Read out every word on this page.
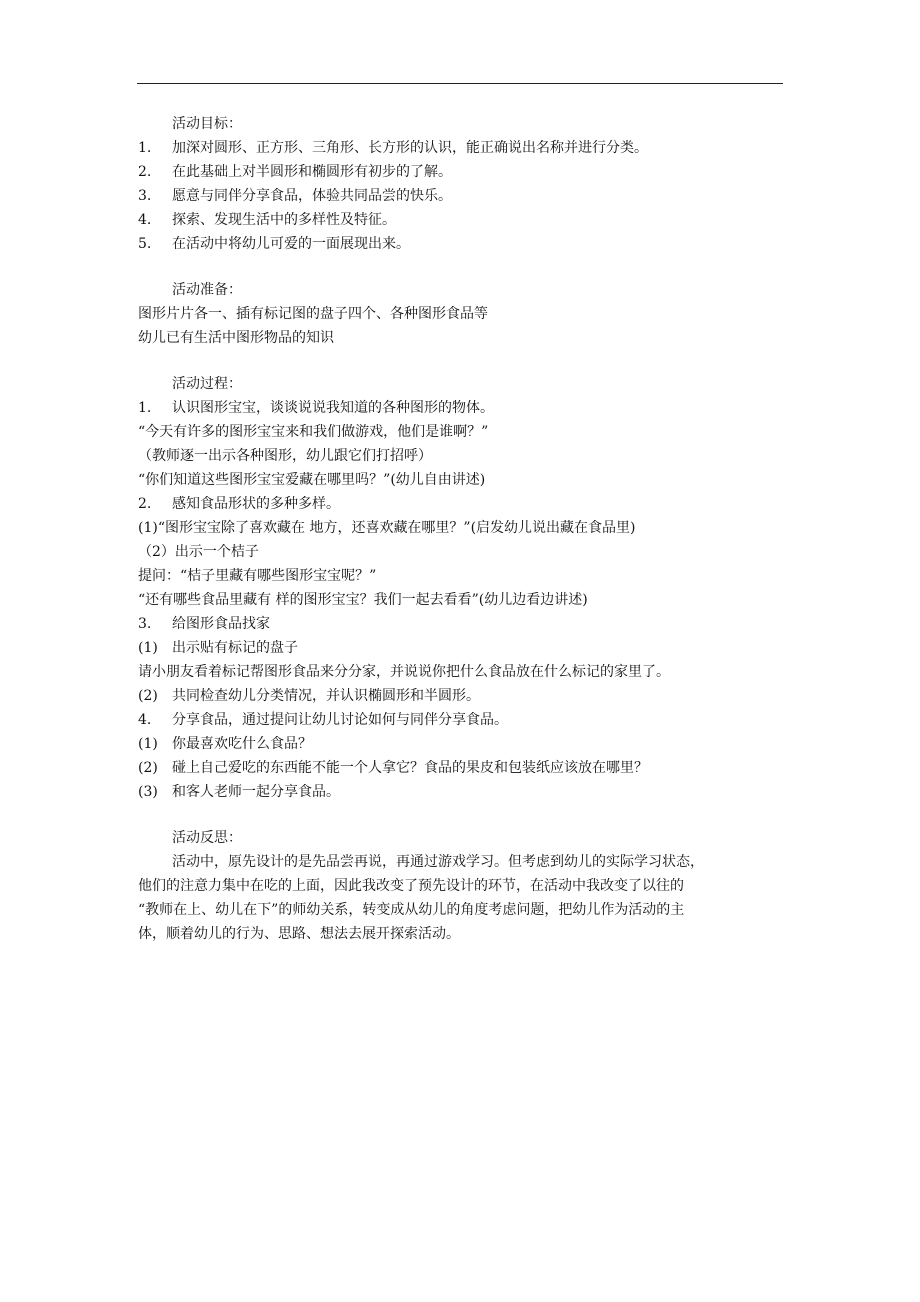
活动目标：
1. 加深对圆形、正方形、三角形、长方形的认识，能正确说出名称并进行分类。
2. 在此基础上对半圆形和椭圆形有初步的了解。
3. 愿意与同伴分享食品，体验共同品尝的快乐。
4. 探索、发现生活中的多样性及特征。
5. 在活动中将幼儿可爱的一面展现出来。
活动准备：
图形片片各一、插有标记图的盘子四个、各种图形食品等
幼儿已有生活中图形物品的知识
活动过程：
1. 认识图形宝宝，谈谈说说我知道的各种图形的物体。
“今天有许多的图形宝宝来和我们做游戏，他们是谁啊？”
（教师逐一出示各种图形，幼儿跟它们打招呼）
“你们知道这些图形宝宝爱藏在哪里吗？”(幼儿自由讲述)
2. 感知食品形状的多种多样。
(1)“图形宝宝除了喜欢藏在 地方，还喜欢藏在哪里？”(启发幼儿说出藏在食品里)
（2）出示一个桔子
提问：“桔子里藏有哪些图形宝宝呢？”
“还有哪些食品里藏有 样的图形宝宝？我们一起去看看”(幼儿边看边讲述)
3. 给图形食品找家
(1) 出示贴有标记的盘子
请小朋友看着标记帮图形食品来分分家，并说说你把什么食品放在什么标记的家里了。
(2) 共同检查幼儿分类情况，并认识椭圆形和半圆形。
4. 分享食品，通过提问让幼儿讨论如何与同伴分享食品。
(1) 你最喜欢吃什么食品？
(2) 碰上自己爱吃的东西能不能一个人拿它？食品的果皮和包装纸应该放在哪里？
(3) 和客人老师一起分享食品。
活动反思：
活动中，原先设计的是先品尝再说，再通过游戏学习。但考虑到幼儿的实际学习状态，
他们的注意力集中在吃的上面，因此我改变了预先设计的环节，在活动中我改变了以往的
“教师在上、幼儿在下”的师幼关系，转变成从幼儿的角度考虑问题，把幼儿作为活动的主
体，顺着幼儿的行为、思路、想法去展开探索活动。
